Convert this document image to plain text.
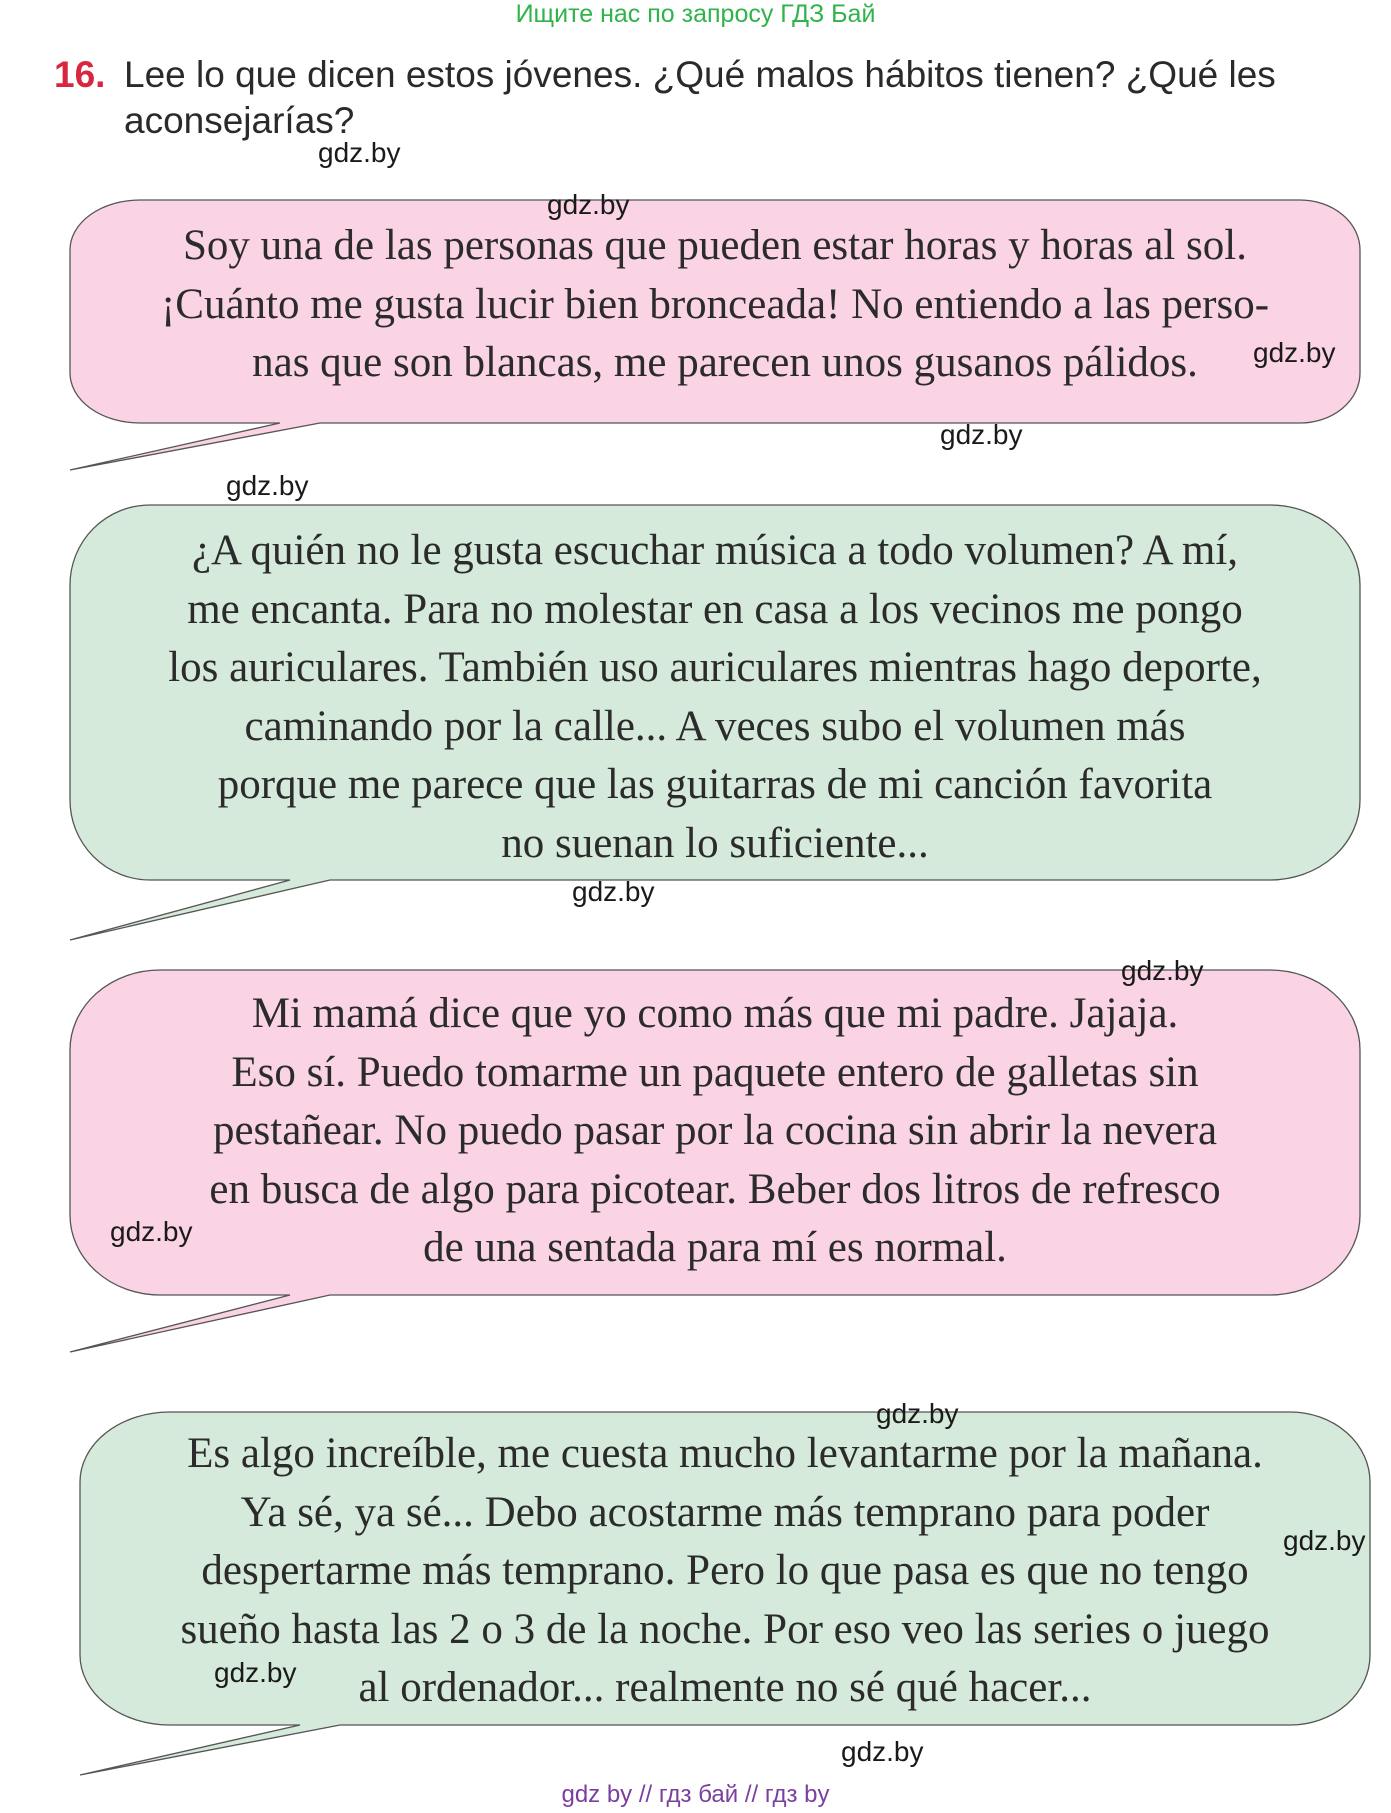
Ищите нас по запросу ГДЗ Бай
16. Lee lo que dicen estos jóvenes. ¿Qué malos hábitos tienen? ¿Qué les aconsejarías?
Soy una de las personas que pueden estar horas y horas al sol.
¡Cuánto me gusta lucir bien bronceada! No entiendo a las perso-
nas que son blancas, me parecen unos gusanos pálidos.
¿A quién no le gusta escuchar música a todo volumen? A mí,
me encanta. Para no molestar en casa a los vecinos me pongo
los auriculares. También uso auriculares mientras hago deporte,
caminando por la calle... A veces subo el volumen más
porque me parece que las guitarras de mi canción favorita
no suenan lo suficiente...
Mi mamá dice que yo como más que mi padre. Jajaja.
Eso sí. Puedo tomarme un paquete entero de galletas sin
pestañear. No puedo pasar por la cocina sin abrir la nevera
en busca de algo para picotear. Beber dos litros de refresco
de una sentada para mí es normal.
Es algo increíble, me cuesta mucho levantarme por la mañana.
Ya sé, ya sé... Debo acostarme más temprano para poder
despertarme más temprano. Pero lo que pasa es que no tengo
sueño hasta las 2 o 3 de la noche. Por eso veo las series o juego
al ordenador... realmente no sé qué hacer...
gdz.by
gdz.by
gdz.by
gdz.by
gdz.by
gdz.by
gdz.by
gdz.by
gdz.by
gdz.by
gdz.by
gdz.by
gdz by // гдз бай // гдз by
